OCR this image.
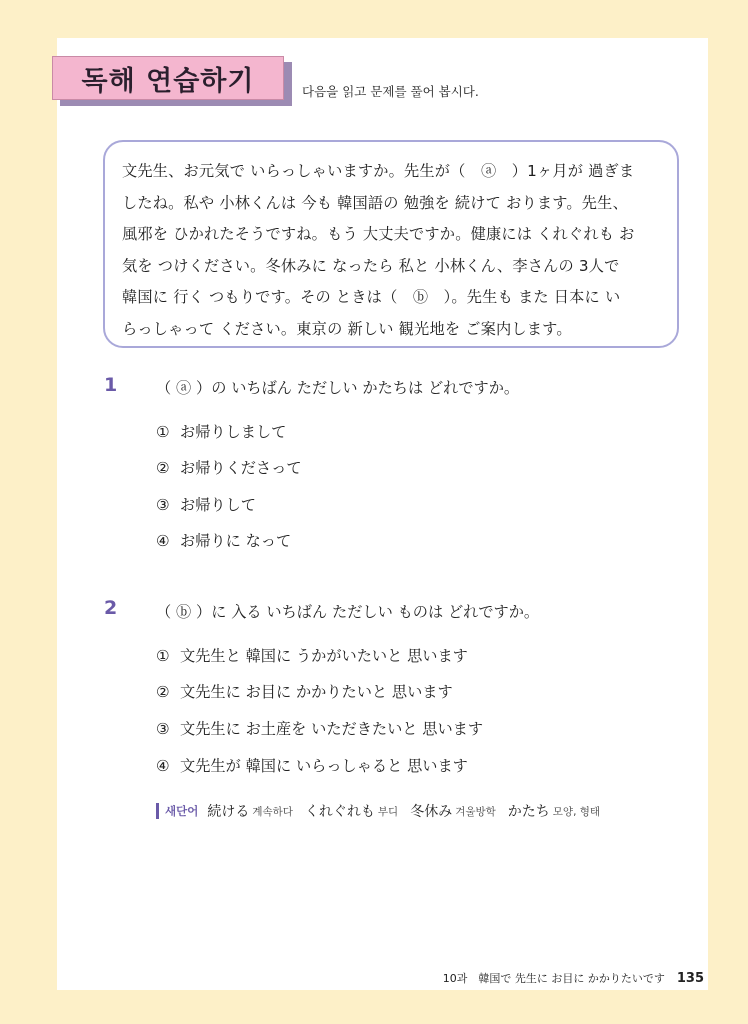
독해 연습하기	다음을 읽고 문제를 풀어 봅시다.
文先生、お元気で いらっしゃいますか。先生が（　ⓐ　）1ヶ月が 過ぎま
したね。私や 小林くんは 今も 韓国語の 勉強を 続けて おります。先生、
風邪を ひかれたそうですね。もう 大丈夫ですか。健康には くれぐれも お
気を つけください。冬休みに なったら 私と 小林くん、李さんの 3人で
韓国に 行く つもりです。その ときは（　ⓑ　）。先生も また 日本に い
らっしゃって ください。東京の 新しい 観光地を ご案内します。
1	（ ⓐ ）の いちばん ただしい かたちは どれですか。
① お帰りしまして
② お帰りくださって
③ お帰りして
④ お帰りに なって
2	（ ⓑ ）に 入る いちばん ただしい ものは どれですか。
① 文先生と 韓国に うかがいたいと 思います
② 文先生に お目に かかりたいと 思います
③ 文先生に お土産を いただきたいと 思います
④ 文先生が 韓国に いらっしゃると 思います
새단어 続ける 계속하다 くれぐれも 부디 冬休み 겨울방학 かたち 모양, 형태
10과　韓国で 先生に お目に かかりたいです 135
